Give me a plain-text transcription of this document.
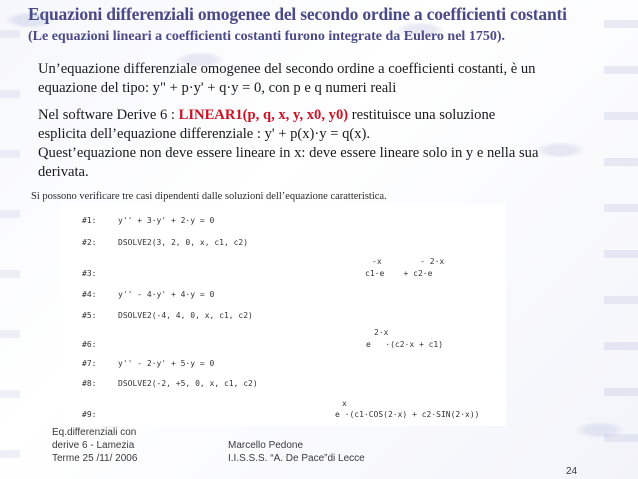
Equazioni differenziali omogenee del secondo ordine a coefficienti costanti
(Le equazioni lineari a coefficienti costanti furono integrate da Eulero nel 1750).
Un’equazione differenziale omogenee del secondo ordine a coefficienti costanti, è un
equazione del tipo: y" + p·y' + q·y = 0, con p e q numeri reali
Nel software Derive 6 : LINEAR1(p, q, x, y, x0, y0) restituisce una soluzione
esplicita dell’equazione differenziale : y' + p(x)·y = q(x).
Quest’equazione non deve essere lineare in x: deve essere lineare solo in y e nella sua
derivata.
Si possono verificare tre casi dipendenti dalle soluzioni dell’equazione caratteristica.
#1:	y'' + 3·y' + 2·y = 0
#2:	DSOLVE2(3, 2, 0, x, c1, c2)
-x        - 2·x
#3:	c1·e    + c2·e
#4:	y'' - 4·y' + 4·y = 0
#5:	DSOLVE2(-4, 4, 0, x, c1, c2)
2·x
#6:	e   ·(c2·x + c1)
#7:	y'' - 2·y' + 5·y = 0
#8:	DSOLVE2(-2, +5, 0, x, c1, c2)
x
#9:	e ·(c1·COS(2·x) + c2·SIN(2·x))
Eq.differenziali con
derive 6 - Lamezia
Terme 25 /11/ 2006
Marcello Pedone
I.I.S.S.S. “A. De Pace”di Lecce
24
